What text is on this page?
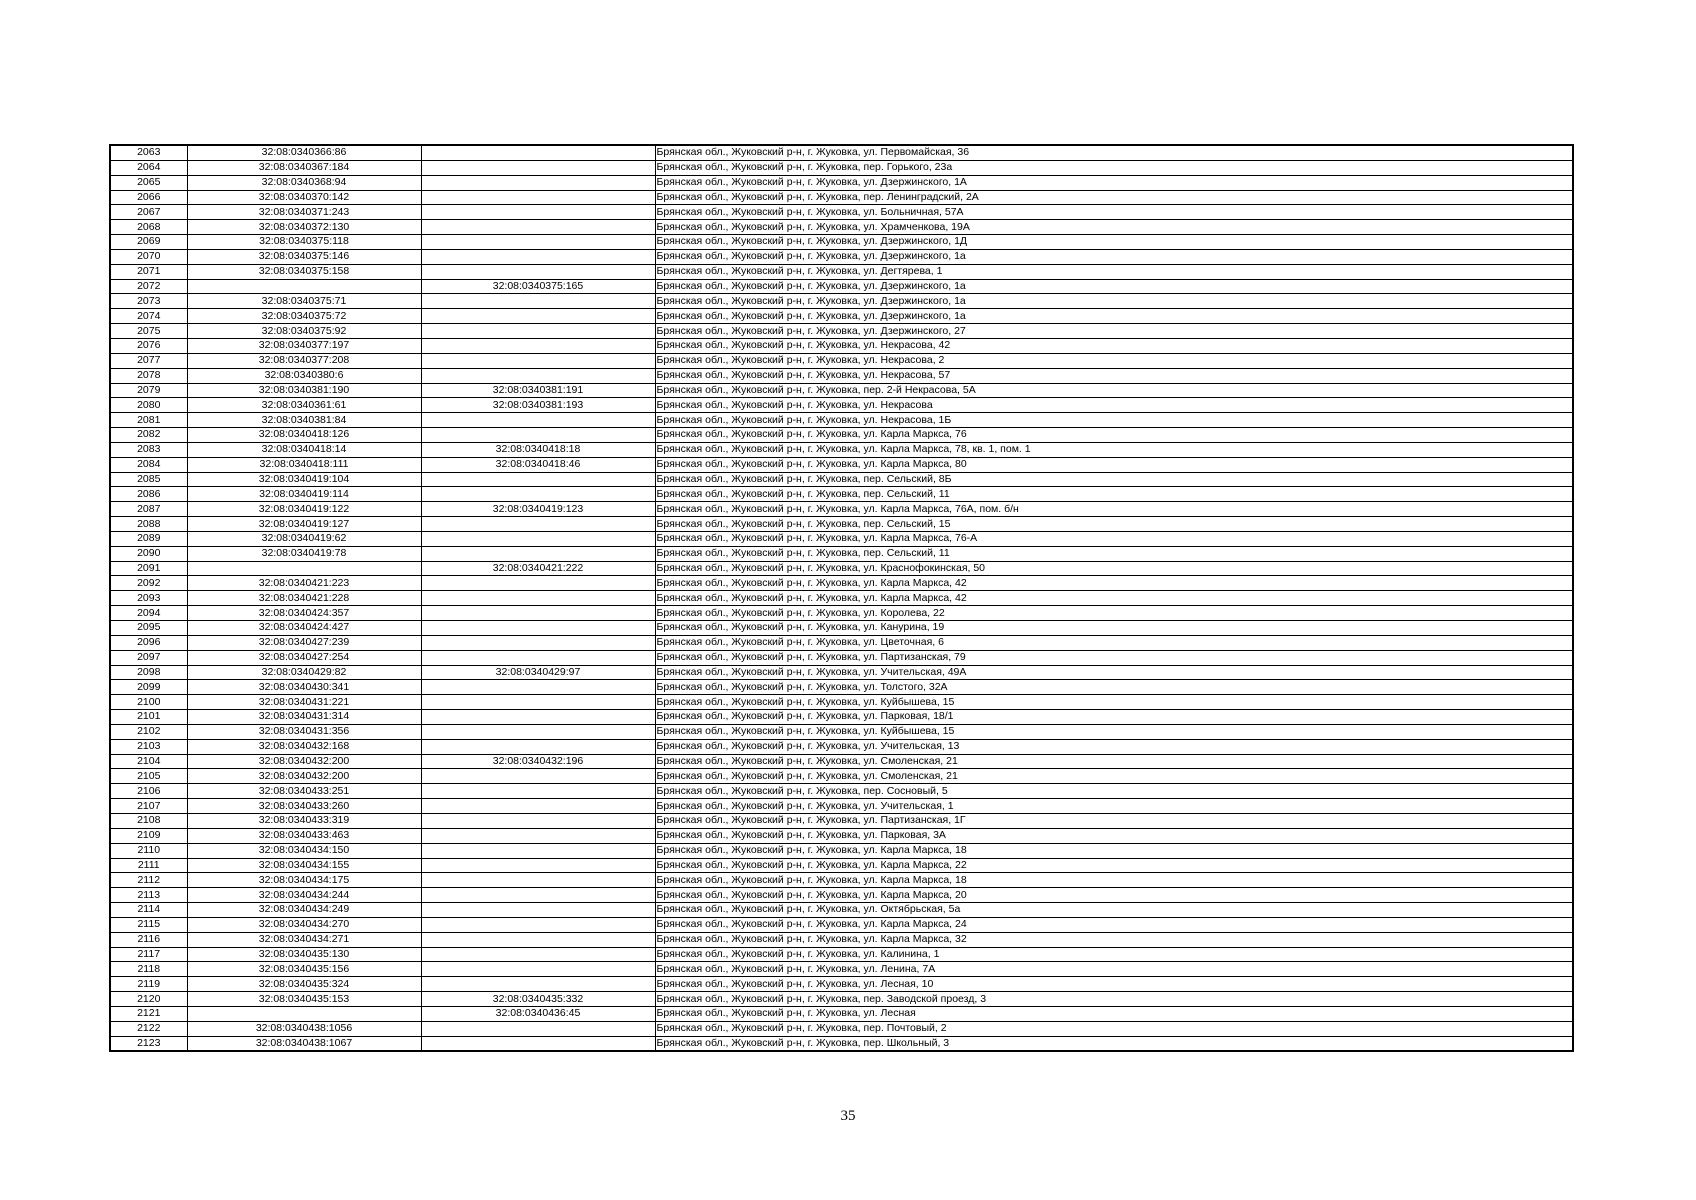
2063	32:08:0340366:86		Брянская обл., Жуковский р-н, г. Жуковка, ул. Первомайская, 36
2064	32:08:0340367:184		Брянская обл., Жуковский р-н, г. Жуковка, пер. Горького, 23а
2065	32:08:0340368:94		Брянская обл., Жуковский р-н, г. Жуковка, ул. Дзержинского, 1А
2066	32:08:0340370:142		Брянская обл., Жуковский р-н, г. Жуковка, пер. Ленинградский, 2А
2067	32:08:0340371:243		Брянская обл., Жуковский р-н, г. Жуковка, ул. Больничная, 57А
2068	32:08:0340372:130		Брянская обл., Жуковский р-н, г. Жуковка, ул. Храмченкова, 19А
2069	32:08:0340375:118		Брянская обл., Жуковский р-н, г. Жуковка, ул. Дзержинского, 1Д
2070	32:08:0340375:146		Брянская обл., Жуковский р-н, г. Жуковка, ул. Дзержинского, 1а
2071	32:08:0340375:158		Брянская обл., Жуковский р-н, г. Жуковка, ул. Дегтярева, 1
2072		32:08:0340375:165	Брянская обл., Жуковский р-н, г. Жуковка, ул. Дзержинского, 1а
2073	32:08:0340375:71		Брянская обл., Жуковский р-н, г. Жуковка, ул. Дзержинского, 1а
2074	32:08:0340375:72		Брянская обл., Жуковский р-н, г. Жуковка, ул. Дзержинского, 1а
2075	32:08:0340375:92		Брянская обл., Жуковский р-н, г. Жуковка, ул. Дзержинского, 27
2076	32:08:0340377:197		Брянская обл., Жуковский р-н, г. Жуковка, ул. Некрасова, 42
2077	32:08:0340377:208		Брянская обл., Жуковский р-н, г. Жуковка, ул. Некрасова, 2
2078	32:08:0340380:6		Брянская обл., Жуковский р-н, г. Жуковка, ул. Некрасова, 57
2079	32:08:0340381:190	32:08:0340381:191	Брянская обл., Жуковский р-н, г. Жуковка, пер. 2-й Некрасова, 5А
2080	32:08:0340361:61	32:08:0340381:193	Брянская обл., Жуковский р-н, г. Жуковка, ул. Некрасова
2081	32:08:0340381:84		Брянская обл., Жуковский р-н, г. Жуковка, ул. Некрасова, 1Б
2082	32:08:0340418:126		Брянская обл., Жуковский р-н, г. Жуковка, ул. Карла Маркса, 76
2083	32:08:0340418:14	32:08:0340418:18	Брянская обл., Жуковский р-н, г. Жуковка, ул. Карла Маркса, 78, кв. 1, пом. 1
2084	32:08:0340418:111	32:08:0340418:46	Брянская обл., Жуковский р-н, г. Жуковка, ул. Карла Маркса, 80
2085	32:08:0340419:104		Брянская обл., Жуковский р-н, г. Жуковка, пер. Сельский, 8Б
2086	32:08:0340419:114		Брянская обл., Жуковский р-н, г. Жуковка, пер. Сельский, 11
2087	32:08:0340419:122	32:08:0340419:123	Брянская обл., Жуковский р-н, г. Жуковка, ул. Карла Маркса, 76А, пом. б/н
2088	32:08:0340419:127		Брянская обл., Жуковский р-н, г. Жуковка, пер. Сельский, 15
2089	32:08:0340419:62		Брянская обл., Жуковский р-н, г. Жуковка, ул. Карла Маркса, 76-А
2090	32:08:0340419:78		Брянская обл., Жуковский р-н, г. Жуковка, пер. Сельский, 11
2091		32:08:0340421:222	Брянская обл., Жуковский р-н, г. Жуковка, ул. Краснофокинская, 50
2092	32:08:0340421:223		Брянская обл., Жуковский р-н, г. Жуковка, ул. Карла Маркса, 42
2093	32:08:0340421:228		Брянская обл., Жуковский р-н, г. Жуковка, ул. Карла Маркса, 42
2094	32:08:0340424:357		Брянская обл., Жуковский р-н, г. Жуковка, ул. Королева, 22
2095	32:08:0340424:427		Брянская обл., Жуковский р-н, г. Жуковка, ул. Канурина, 19
2096	32:08:0340427:239		Брянская обл., Жуковский р-н, г. Жуковка, ул. Цветочная, 6
2097	32:08:0340427:254		Брянская обл., Жуковский р-н, г. Жуковка, ул. Партизанская, 79
2098	32:08:0340429:82	32:08:0340429:97	Брянская обл., Жуковский р-н, г. Жуковка, ул. Учительская, 49А
2099	32:08:0340430:341		Брянская обл., Жуковский р-н, г. Жуковка, ул. Толстого, 32А
2100	32:08:0340431:221		Брянская обл., Жуковский р-н, г. Жуковка, ул. Куйбышева, 15
2101	32:08:0340431:314		Брянская обл., Жуковский р-н, г. Жуковка, ул. Парковая, 18/1
2102	32:08:0340431:356		Брянская обл., Жуковский р-н, г. Жуковка, ул. Куйбышева, 15
2103	32:08:0340432:168		Брянская обл., Жуковский р-н, г. Жуковка, ул. Учительская, 13
2104	32:08:0340432:200	32:08:0340432:196	Брянская обл., Жуковский р-н, г. Жуковка, ул. Смоленская, 21
2105	32:08:0340432:200		Брянская обл., Жуковский р-н, г. Жуковка, ул. Смоленская, 21
2106	32:08:0340433:251		Брянская обл., Жуковский р-н, г. Жуковка, пер. Сосновый, 5
2107	32:08:0340433:260		Брянская обл., Жуковский р-н, г. Жуковка, ул. Учительская, 1
2108	32:08:0340433:319		Брянская обл., Жуковский р-н, г. Жуковка, ул. Партизанская, 1Г
2109	32:08:0340433:463		Брянская обл., Жуковский р-н, г. Жуковка, ул. Парковая, 3А
2110	32:08:0340434:150		Брянская обл., Жуковский р-н, г. Жуковка, ул. Карла Маркса, 18
2111	32:08:0340434:155		Брянская обл., Жуковский р-н, г. Жуковка, ул. Карла Маркса, 22
2112	32:08:0340434:175		Брянская обл., Жуковский р-н, г. Жуковка, ул. Карла Маркса, 18
2113	32:08:0340434:244		Брянская обл., Жуковский р-н, г. Жуковка, ул. Карла Маркса, 20
2114	32:08:0340434:249		Брянская обл., Жуковский р-н, г. Жуковка, ул. Октябрьская, 5а
2115	32:08:0340434:270		Брянская обл., Жуковский р-н, г. Жуковка, ул. Карла Маркса, 24
2116	32:08:0340434:271		Брянская обл., Жуковский р-н, г. Жуковка, ул. Карла Маркса, 32
2117	32:08:0340435:130		Брянская обл., Жуковский р-н, г. Жуковка, ул. Калинина, 1
2118	32:08:0340435:156		Брянская обл., Жуковский р-н, г. Жуковка, ул. Ленина, 7А
2119	32:08:0340435:324		Брянская обл., Жуковский р-н, г. Жуковка, ул. Лесная, 10
2120	32:08:0340435:153	32:08:0340435:332	Брянская обл., Жуковский р-н, г. Жуковка, пер. Заводской проезд, 3
2121		32:08:0340436:45	Брянская обл., Жуковский р-н, г. Жуковка, ул. Лесная
2122	32:08:0340438:1056		Брянская обл., Жуковский р-н, г. Жуковка, пер. Почтовый, 2
2123	32:08:0340438:1067		Брянская обл., Жуковский р-н, г. Жуковка, пер. Школьный, 3
35
